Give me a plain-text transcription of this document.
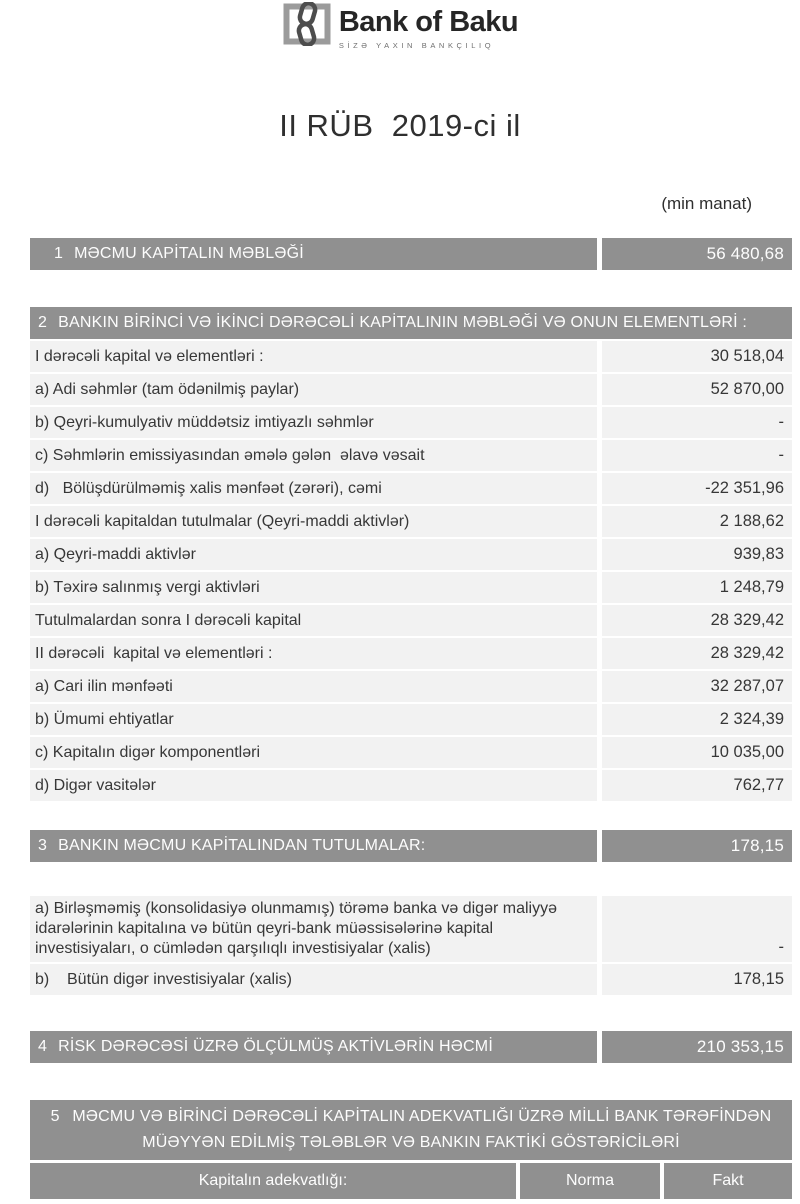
Bank of Baku
SİZƏ YAXIN BANKÇILIQ
II RÜB  2019-ci il
(min manat)
1 MƏCMU KAPİTALIN MƏBLƏĞİ	56 480,68
2 BANKIN BİRİNCİ VƏ İKİNCİ DƏRƏCƏLİ KAPİTALININ MƏBLƏĞİ VƏ ONUN ELEMENTLƏRİ :
I dərəcəli kapital və elementləri :	30 518,04
a) Adi səhmlər (tam ödənilmiş paylar)	52 870,00
b) Qeyri-kumulyativ müddətsiz imtiyazlı səhmlər	-
c) Səhmlərin emissiyasından əmələ gələn  əlavə vəsait	-
d)   Bölüşdürülməmiş xalis mənfəət (zərəri), cəmi	-22 351,96
I dərəcəli kapitaldan tutulmalar (Qeyri-maddi aktivlər)	2 188,62
a) Qeyri-maddi aktivlər	939,83
b) Təxirə salınmış vergi aktivləri	1 248,79
Tutulmalardan sonra I dərəcəli kapital	28 329,42
II dərəcəli  kapital və elementləri :	28 329,42
a) Cari ilin mənfəəti	32 287,07
b) Ümumi ehtiyatlar	2 324,39
c) Kapitalın digər komponentləri	10 035,00
d) Digər vasitələr	762,77
3 BANKIN MƏCMU KAPİTALINDAN TUTULMALAR:	178,15
a) Birləşməmiş (konsolidasiyə olunmamış) törəmə banka və digər maliyyə idarələrinin kapitalına və bütün qeyri-bank müəssisələrinə kapital investisiyaları, o cümlədən qarşılıqlı investisiyalar (xalis)	-
b)    Bütün digər investisiyalar (xalis)	178,15
4 RİSK DƏRƏCƏSİ ÜZRƏ ÖLÇÜLMÜŞ AKTİVLƏRİN HƏCMİ	210 353,15
5 MƏCMU VƏ BİRİNCİ DƏRƏCƏLİ KAPİTALIN ADEKVATLIĞI ÜZRƏ MİLLİ BANK TƏRƏFİNDƏN MÜƏYYƏN EDİLMİŞ TƏLƏBLƏR VƏ BANKIN FAKTİKİ GÖSTƏRİCİLƏRİ
Kapitalın adekvatlığı:	Norma	Fakt
